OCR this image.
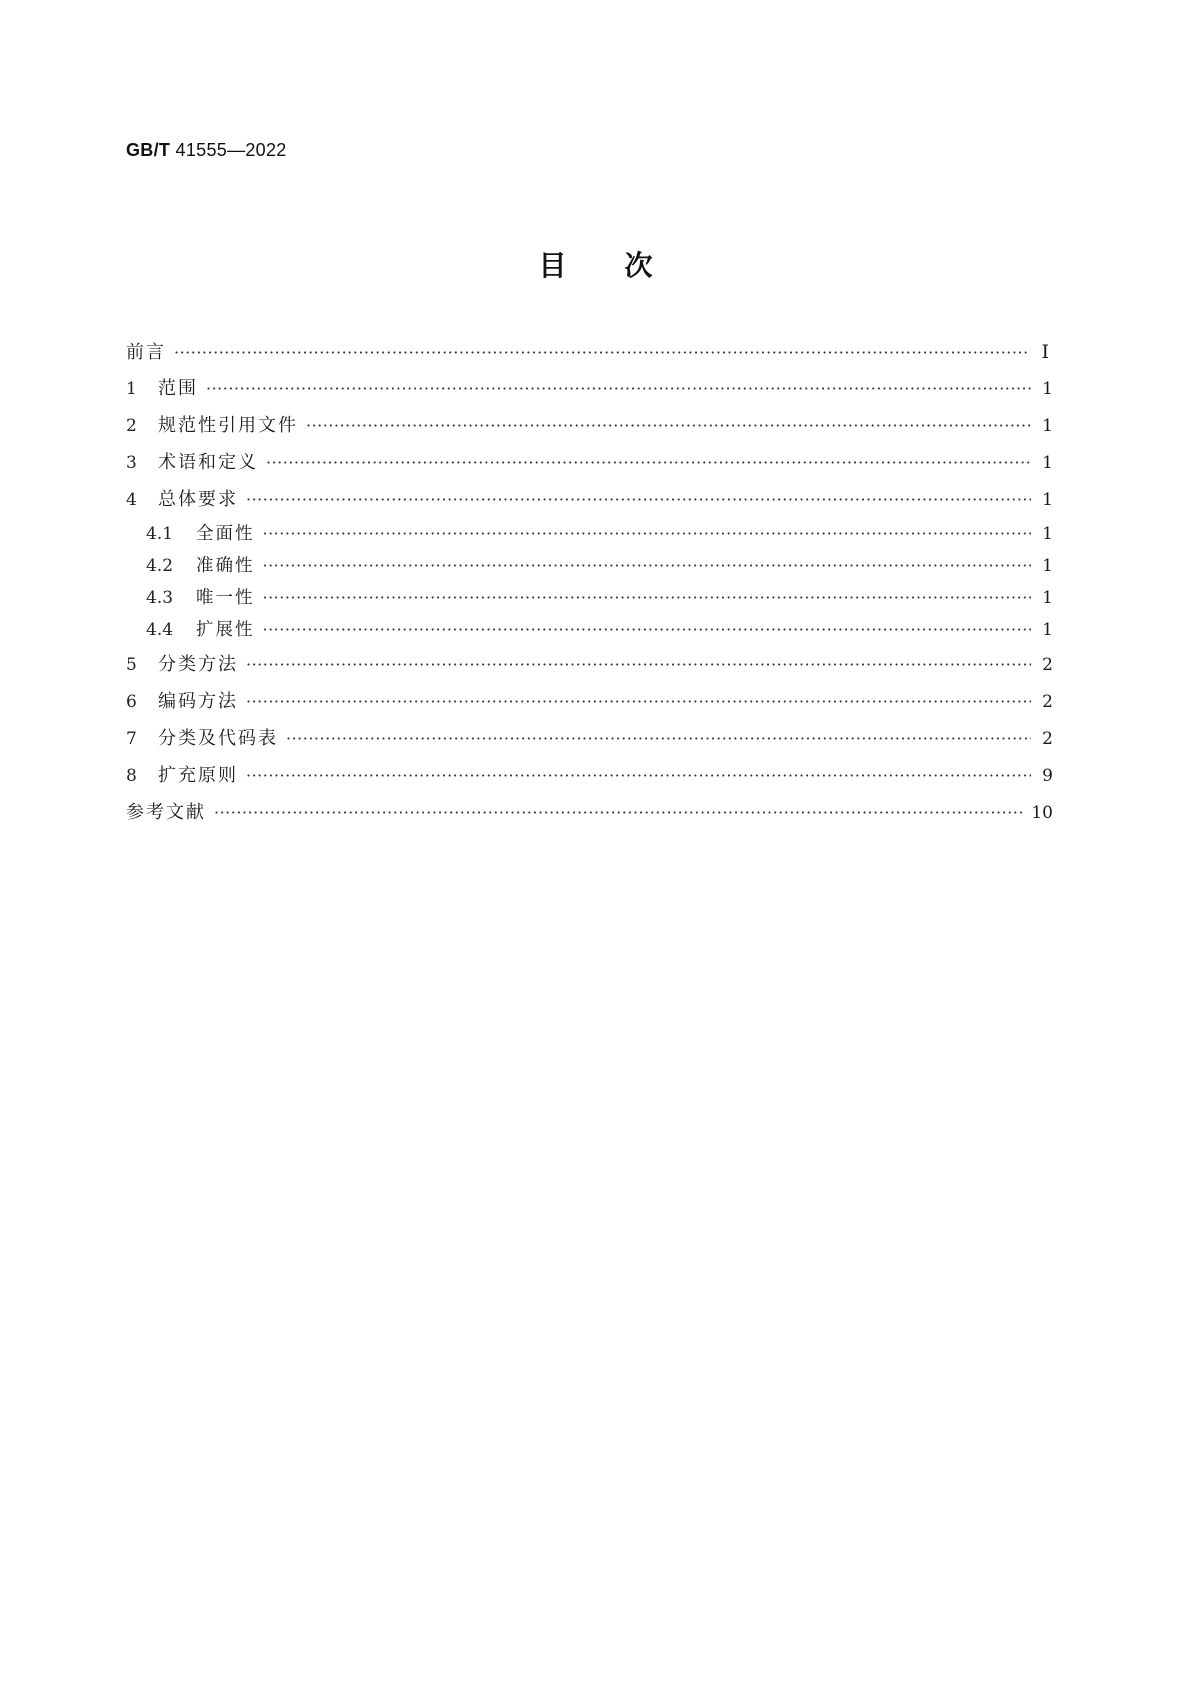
GB/T 41555—2022
目次
前言 ·····	Ⅰ
1	范围 ·····	1
2	规范性引用文件 ·····	1
3	术语和定义 ·····	1
4	总体要求 ·····	1
4.1	全面性 ·····	1
4.2	准确性 ·····	1
4.3	唯一性 ·····	1
4.4	扩展性 ·····	1
5	分类方法 ·····	2
6	编码方法 ·····	2
7	分类及代码表 ·····	2
8	扩充原则 ·····	9
参考文献 ·····	10
